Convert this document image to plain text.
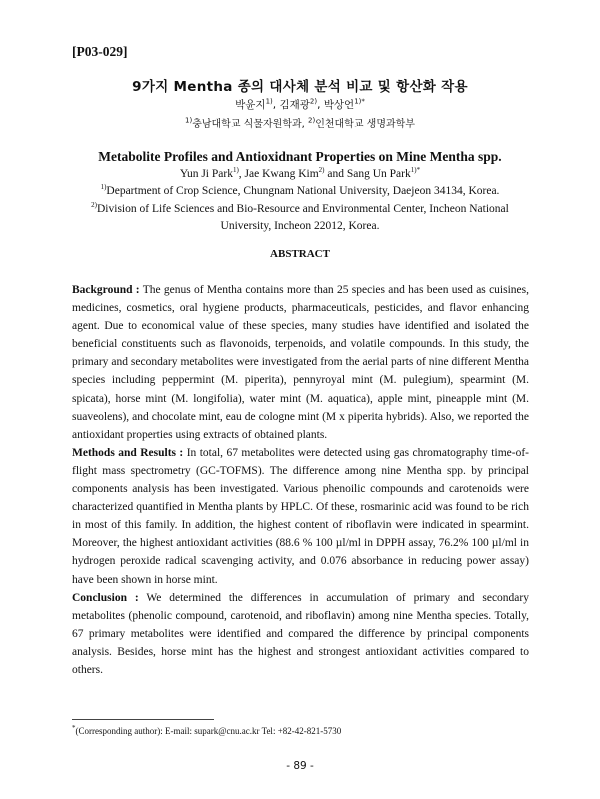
[P03-029]
9가지 Mentha 종의 대사체 분석 비교 및 항산화 작용
박윤지$^{1)}$, 김재광$^{2)}$, 박상언$^{1)*}$
$^{1)}$충남대학교 식물자원학과, $^{2)}$인천대학교 생명과학부
Metabolite Profiles and Antioxidnant Properties on Mine Mentha spp.
Yun Ji Park$^{1)}$, Jae Kwang Kim$^{2)}$ and Sang Un Park$^{1)*}$
$^{1)}$Department of Crop Science, Chungnam National University, Daejeon 34134, Korea.
$^{2)}$Division of Life Sciences and Bio-Resource and Environmental Center, Incheon National University, Incheon 22012, Korea.
ABSTRACT

Background : The genus of Mentha contains more than 25 species and has been used as cuisines, medicines, cosmetics, oral hygiene products, pharmaceuticals, pesticides, and flavor enhancing agent. Due to economical value of these species, many studies have identified and isolated the beneficial constituents such as flavonoids, terpenoids, and volatile compounds. In this study, the primary and secondary metabolites were investigated from the aerial parts of nine different Mentha species including peppermint (M. piperita), pennyroyal mint (M. pulegium), spearmint (M. spicata), horse mint (M. longifolia), water mint (M. aquatica), apple mint, pineapple mint (M. suaveolens), and chocolate mint, eau de cologne mint (M x piperita hybrids). Also, we reported the antioxidant properties using extracts of obtained plants.

Methods and Results : In total, 67 metabolites were detected using gas chromatography time-of-flight mass spectrometry (GC-TOFMS). The difference among nine Mentha spp. by principal components analysis has been investigated. Various phenoilic compounds and carotenoids were characterized quantified in Mentha plants by HPLC. Of these, rosmarinic acid was found to be rich in most of this family. In addition, the highest content of riboflavin were indicated in spearmint. Moreover, the highest antioxidant activities (88.6 % 100 µl/ml in DPPH assay, 76.2% 100 µl/ml in hydrogen peroxide radical scavenging activity, and 0.076 absorbance in reducing power assay) have been shown in horse mint.

Conclusion : We determined the differences in accumulation of primary and secondary metabolites (phenolic compound, carotenoid, and riboflavin) among nine Mentha species. Totally, 67 primary metabolites were identified and compared the difference by principal components analysis. Besides, horse mint has the highest and strongest antioxidant activities compared to others.

*(Corresponding author): E-mail: supark@cnu.ac.kr Tel: +82-42-821-5730
- 89 -
